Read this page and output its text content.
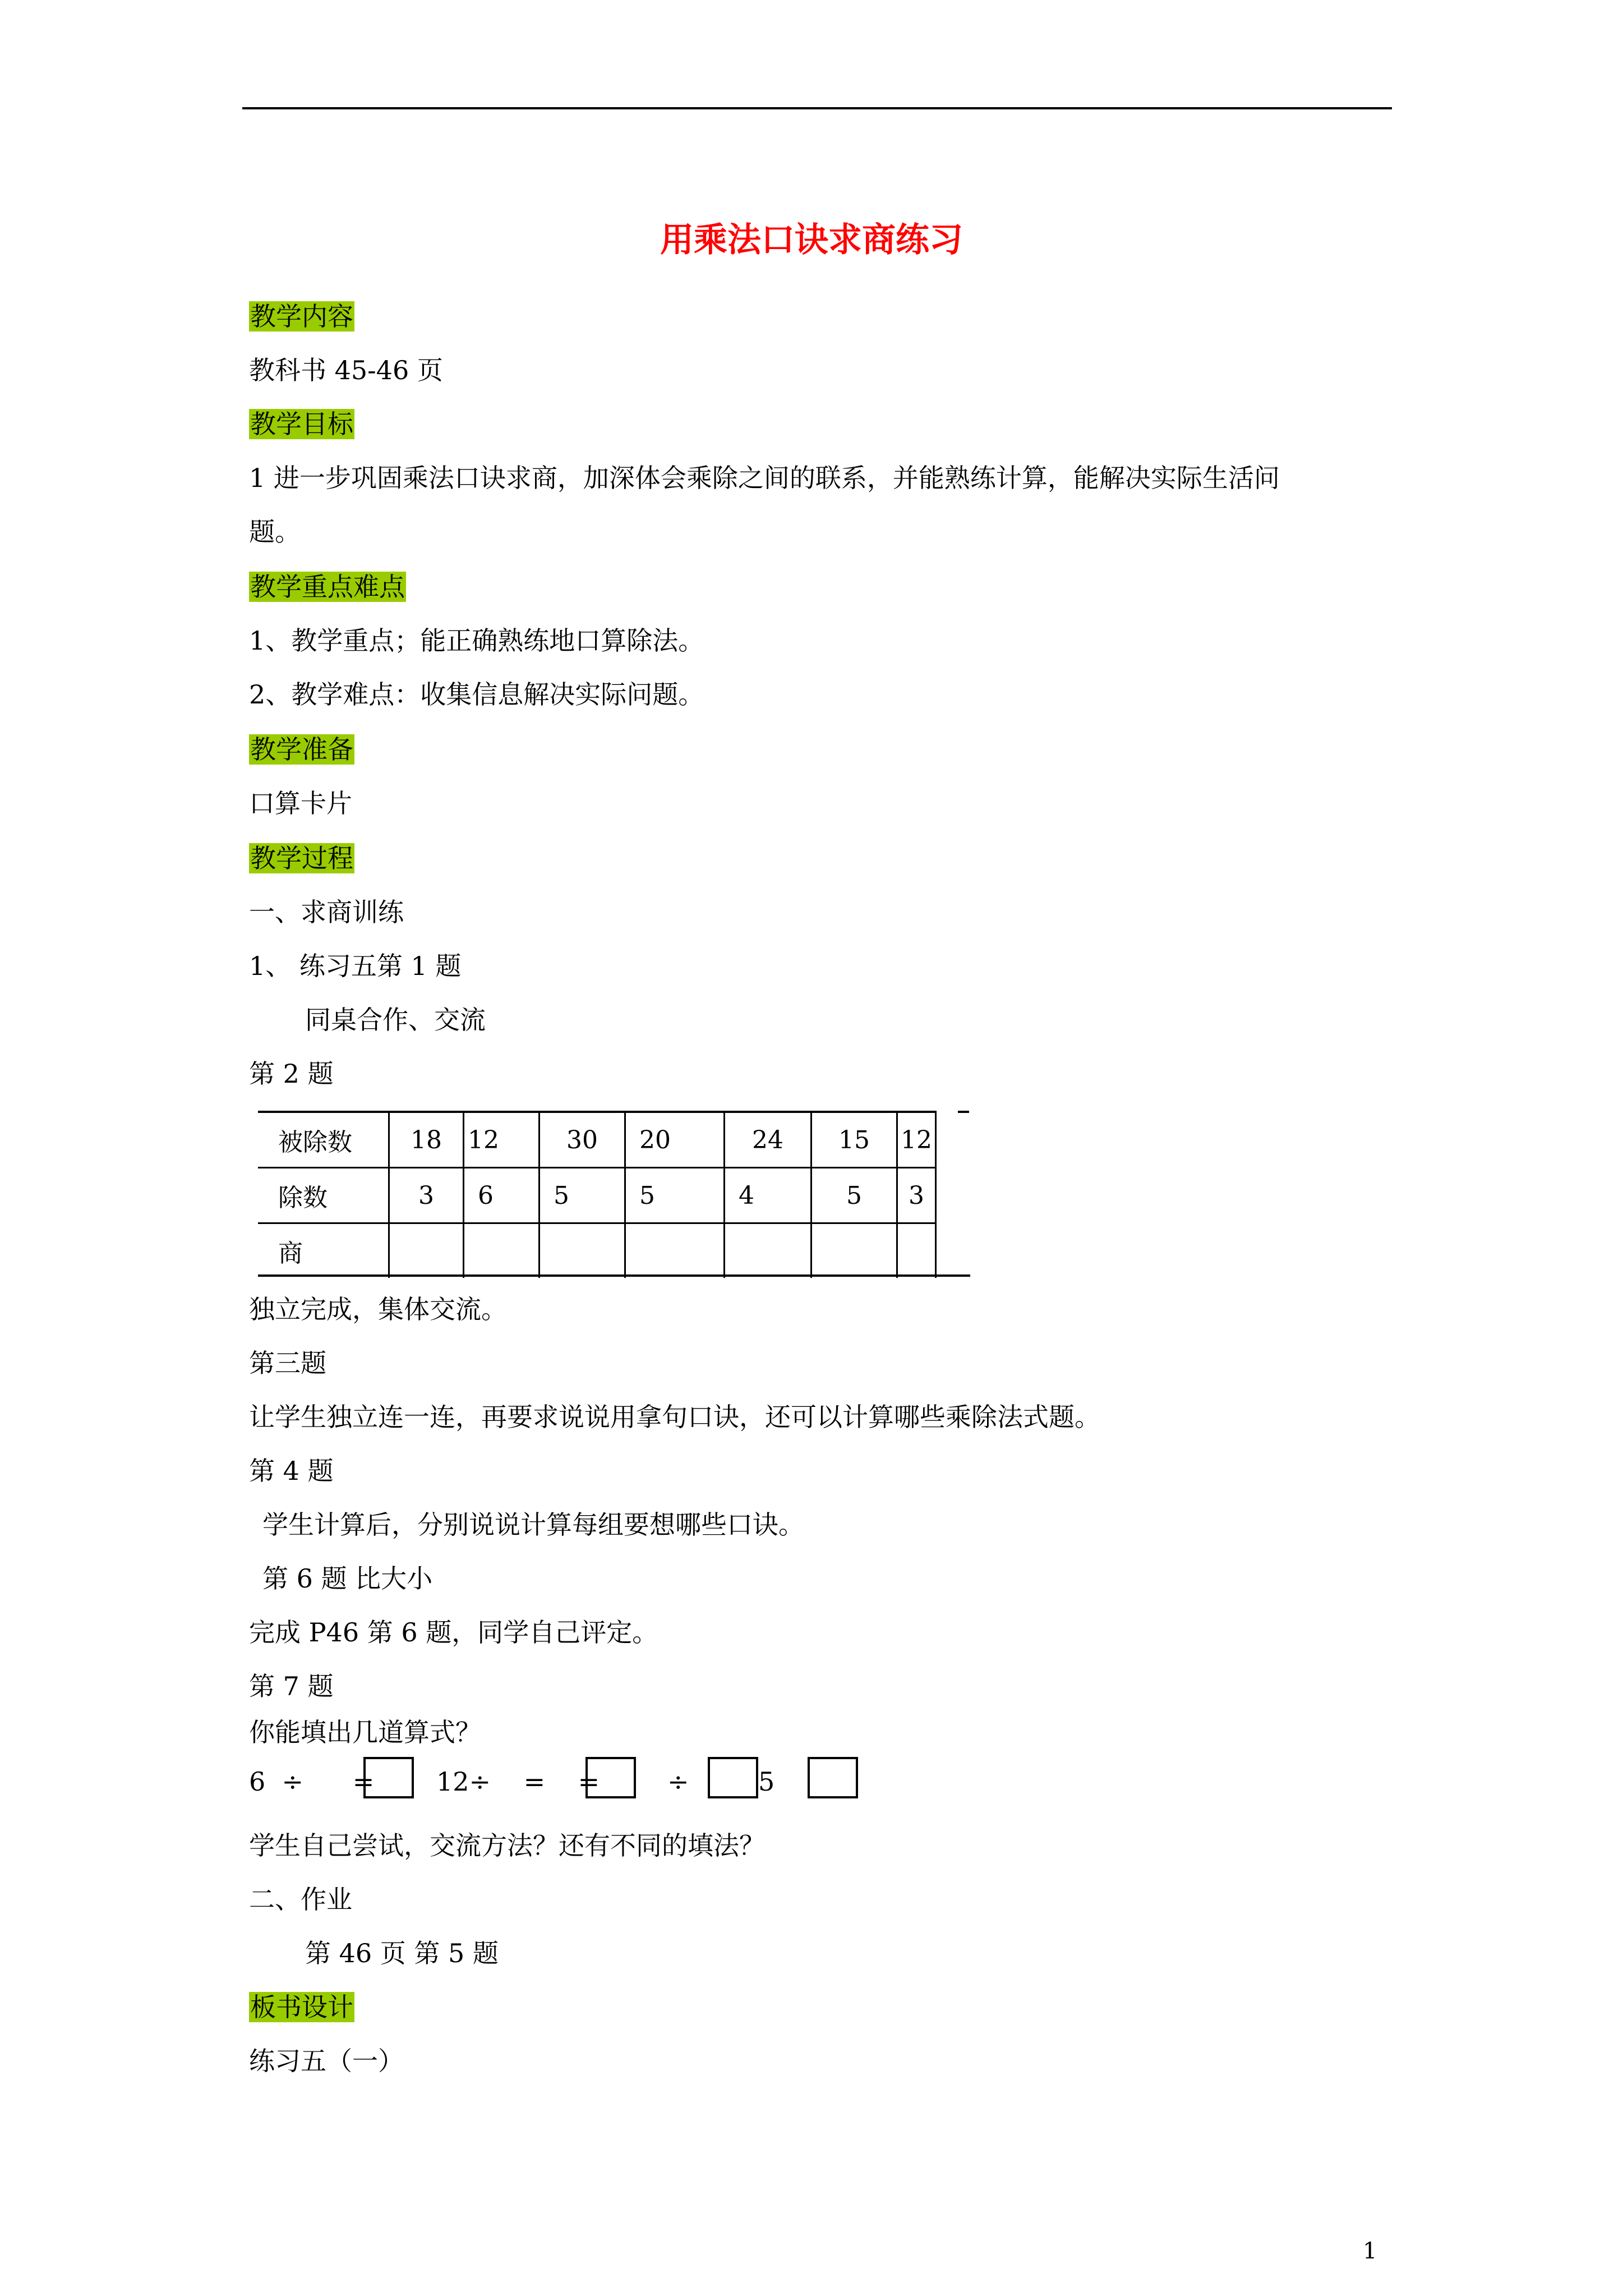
用乘法口诀求商练习
教学内容
教科书 45-46 页
教学目标
1 进一步巩固乘法口诀求商，加深体会乘除之间的联系，并能熟练计算，能解决实际生活问
题。
教学重点难点
1、教学重点；能正确熟练地口算除法。
2、教学难点：收集信息解决实际问题。
教学准备
口算卡片
教学过程
一、求商训练
1、 练习五第 1 题
同桌合作、交流
第 2 题
被除数	18	12	30	20	24	15	12
除数	3	6	5	5	4	5	3
商							
独立完成，集体交流。
第三题
让学生独立连一连，再要求说说用拿句口诀，还可以计算哪些乘除法式题。
第 4 题
学生计算后，分别说说计算每组要想哪些口诀。
第 6 题 比大小
完成 P46 第 6 题，同学自己评定。
第 7 题
你能填出几道算式？
6  ÷      = 12÷    =    =	÷	5
学生自己尝试，交流方法？还有不同的填法？
二、作业
第 46 页 第 5 题
板书设计
练习五（一）
1
